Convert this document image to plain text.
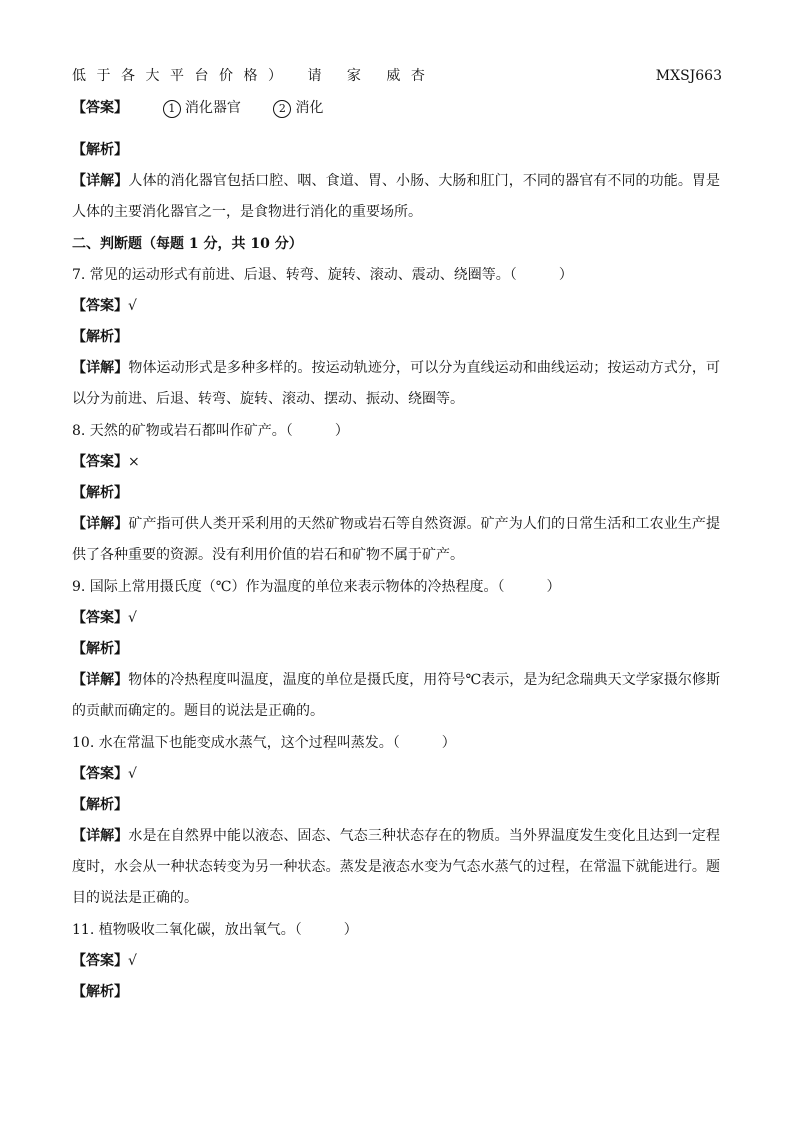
低于各大平台价格） 请 家 威杏	MXSJ663
【答案】	1 消化器官	2 消化
【解析】
【详解】人体的消化器官包括口腔、咽、食道、胃、小肠、大肠和肛门，不同的器官有不同的功能。胃是人体的主要消化器官之一，是食物进行消化的重要场所。
二、判断题（每题 1 分，共 10 分）
7. 常见的运动形式有前进、后退、转弯、旋转、滚动、震动、绕圈等。（	）
【答案】√
【解析】
【详解】物体运动形式是多种多样的。按运动轨迹分，可以分为直线运动和曲线运动；按运动方式分，可以分为前进、后退、转弯、旋转、滚动、摆动、振动、绕圈等。
8. 天然的矿物或岩石都叫作矿产。（	）
【答案】×
【解析】
【详解】矿产指可供人类开采利用的天然矿物或岩石等自然资源。矿产为人们的日常生活和工农业生产提供了各种重要的资源。没有利用价值的岩石和矿物不属于矿产。
9. 国际上常用摄氏度（℃）作为温度的单位来表示物体的冷热程度。（	）
【答案】√
【解析】
【详解】物体的冷热程度叫温度，温度的单位是摄氏度，用符号℃表示，是为纪念瑞典天文学家摄尔修斯的贡献而确定的。题目的说法是正确的。
10. 水在常温下也能变成水蒸气，这个过程叫蒸发。（	）
【答案】√
【解析】
【详解】水是在自然界中能以液态、固态、气态三种状态存在的物质。当外界温度发生变化且达到一定程度时，水会从一种状态转变为另一种状态。蒸发是液态水变为气态水蒸气的过程，在常温下就能进行。题目的说法是正确的。
11. 植物吸收二氧化碳，放出氧气。（	）
【答案】√
【解析】
